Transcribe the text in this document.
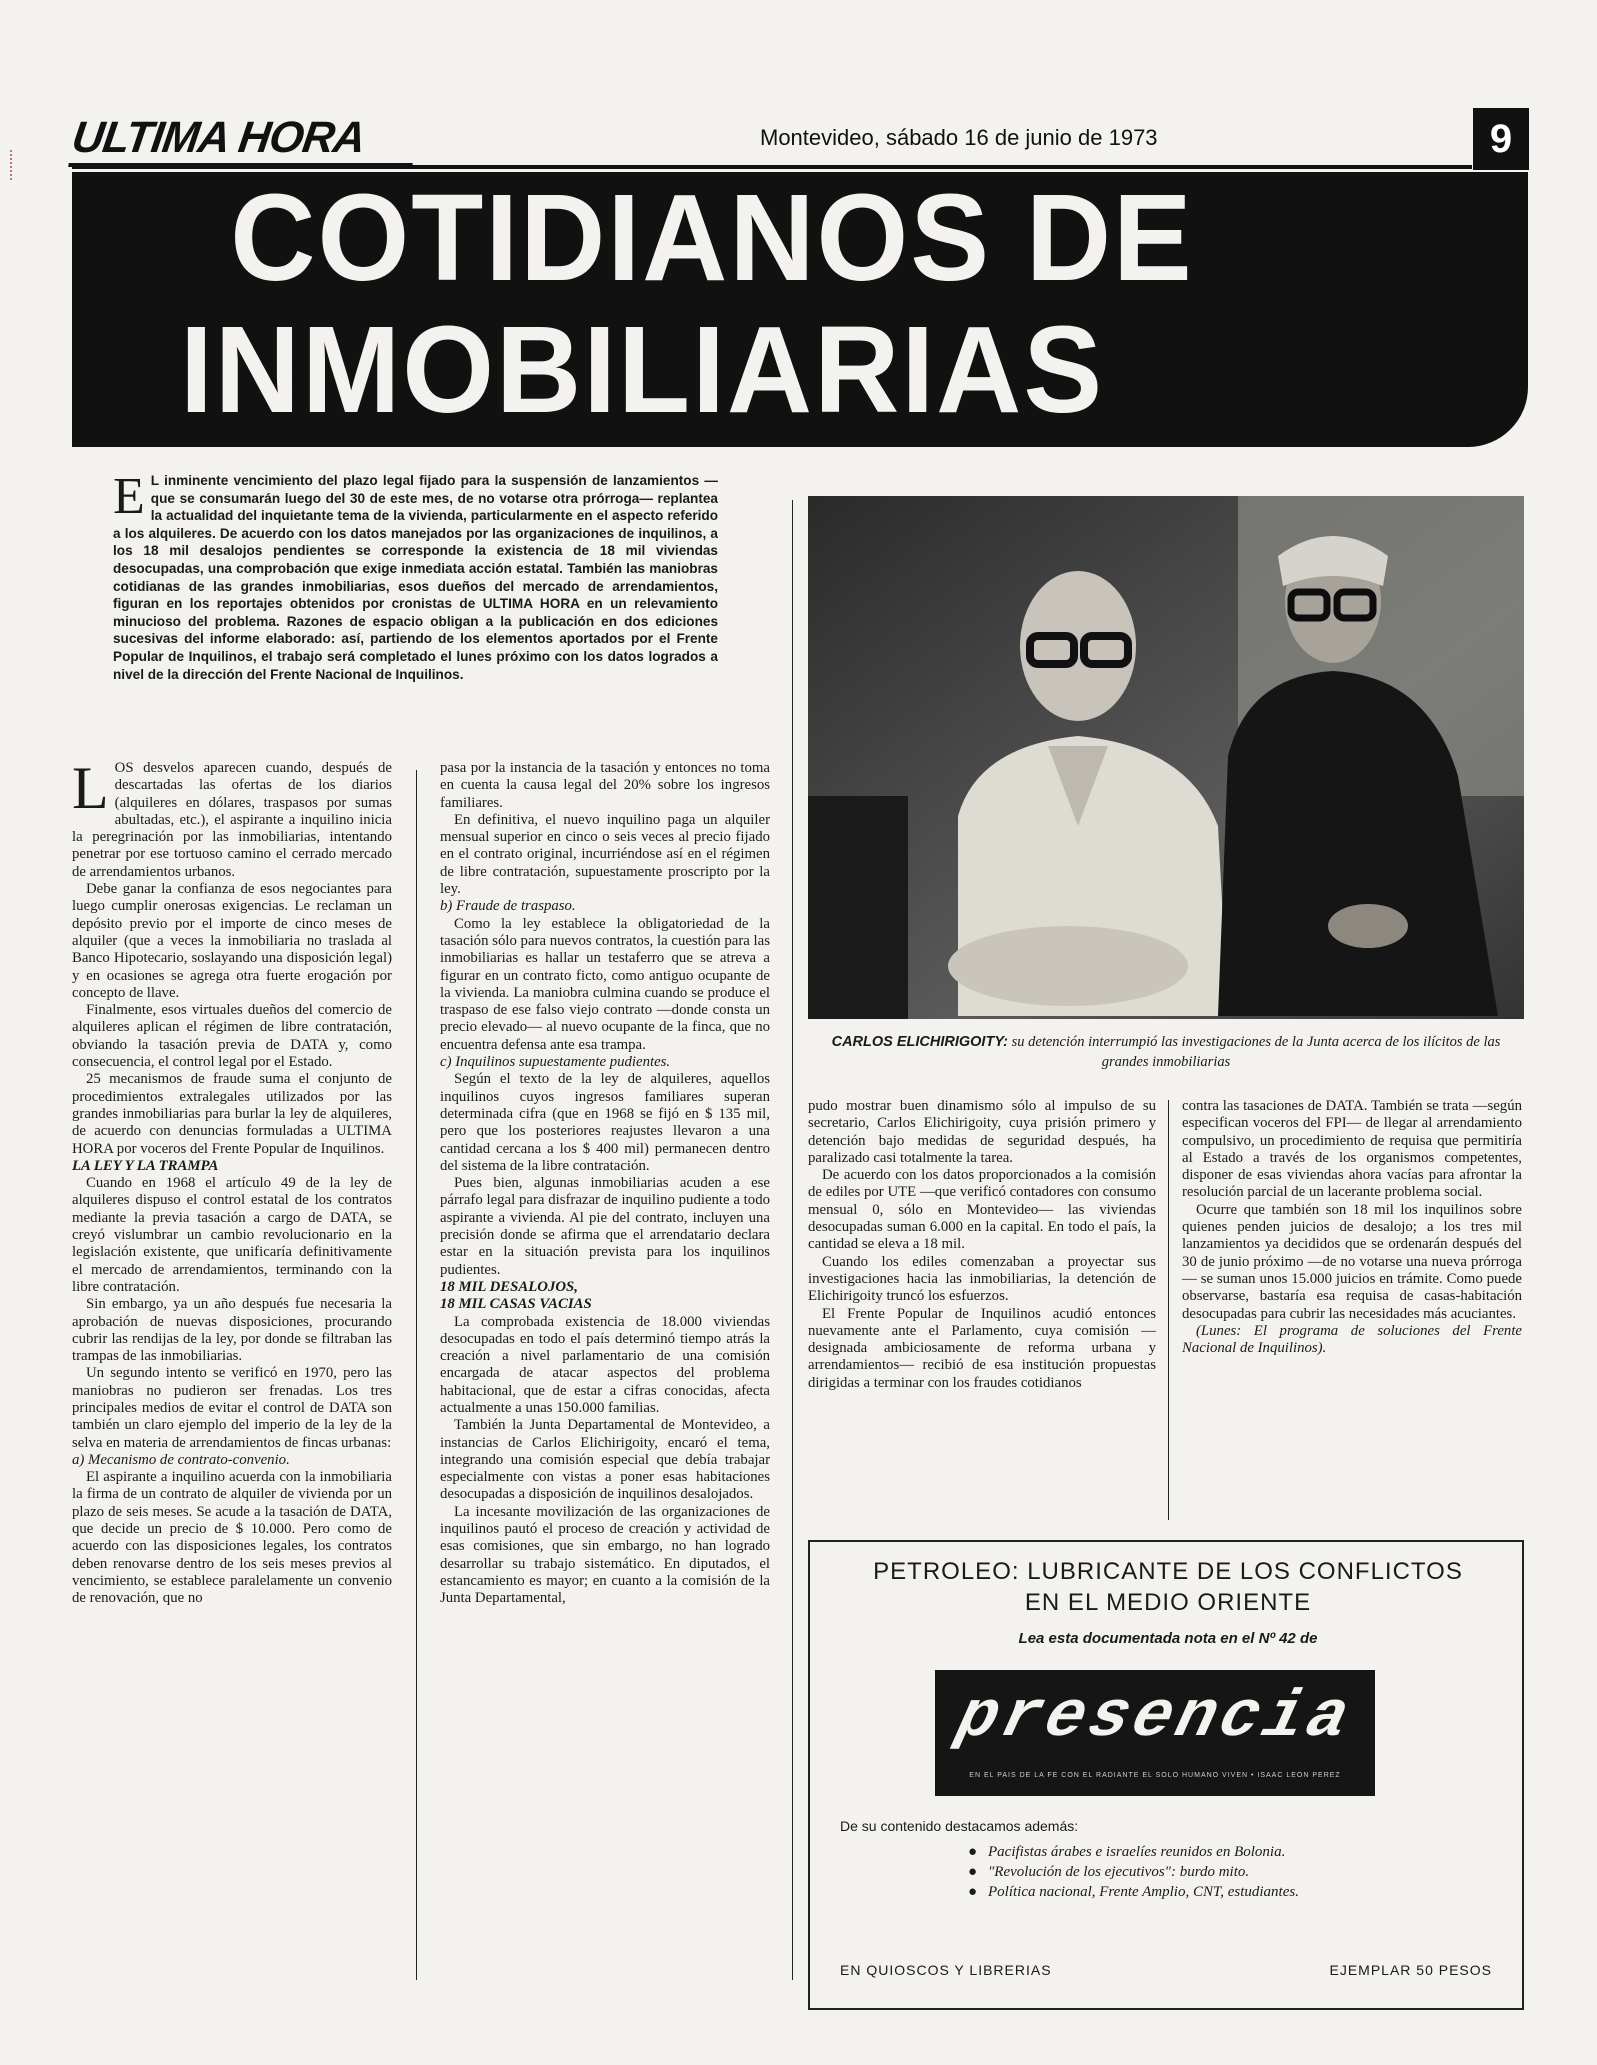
ULTIMA HORA	Montevideo, sábado 16 de junio de 1973	9
COTIDIANOS DE
INMOBILIARIAS
E L inminente vencimiento del plazo legal fijado para la suspensión de lanzamientos —que se consumarán luego del 30 de este mes, de no votarse otra prórroga— replantea la actualidad del inquietante tema de la vivienda, particularmente en el aspecto referido a los alquileres. De acuerdo con los datos manejados por las organizaciones de inquilinos, a los 18 mil desalojos pendientes se corresponde la existencia de 18 mil viviendas desocupadas, una comprobación que exige inmediata acción estatal. También las maniobras cotidianas de las grandes inmobiliarias, esos dueños del mercado de arrendamientos, figuran en los reportajes obtenidos por cronistas de ULTIMA HORA en un relevamiento minucioso del problema. Razones de espacio obligan a la publicación en dos ediciones sucesivas del informe elaborado: así, partiendo de los elementos aportados por el Frente Popular de Inquilinos, el trabajo será completado el lunes próximo con los datos logrados a nivel de la dirección del Frente Nacional de Inquilinos.
CARLOS ELICHIRIGOITY: su detención interrumpió las investigaciones de la Junta acerca de los ilícitos de las grandes inmobiliarias

LOS desvelos aparecen cuando, después de descartadas las ofertas de los diarios (alquileres en dólares, traspasos por sumas abultadas, etc.), el aspirante a inquilino inicia la peregrinación por las inmobiliarias, intentando penetrar por ese tortuoso camino el cerrado mercado de arrendamientos urbanos.

Debe ganar la confianza de esos negociantes para luego cumplir onerosas exigencias. Le reclaman un depósito previo por el importe de cinco meses de alquiler (que a veces la inmobiliaria no traslada al Banco Hipotecario, soslayando una disposición legal) y en ocasiones se agrega otra fuerte erogación por concepto de llave.

Finalmente, esos virtuales dueños del comercio de alquileres aplican el régimen de libre contratación, obviando la tasación previa de DATA y, como consecuencia, el control legal por el Estado.

25 mecanismos de fraude suma el conjunto de procedimientos extralegales utilizados por las grandes inmobiliarias para burlar la ley de alquileres, de acuerdo con denuncias formuladas a ULTIMA HORA por voceros del Frente Popular de Inquilinos.

LA LEY Y LA TRAMPA

Cuando en 1968 el artículo 49 de la ley de alquileres dispuso el control estatal de los contratos mediante la previa tasación a cargo de DATA, se creyó vislumbrar un cambio revolucionario en la legislación existente, que unificaría definitivamente el mercado de arrendamientos, terminando con la libre contratación.

Sin embargo, ya un año después fue necesaria la aprobación de nuevas disposiciones, procurando cubrir las rendijas de la ley, por donde se filtraban las trampas de las inmobiliarias.

Un segundo intento se verificó en 1970, pero las maniobras no pudieron ser frenadas. Los tres principales medios de evitar el control de DATA son también un claro ejemplo del imperio de la ley de la selva en materia de arrendamientos de fincas urbanas:

a) Mecanismo de contrato-convenio.

El aspirante a inquilino acuerda con la inmobiliaria la firma de un contrato de alquiler de vivienda por un plazo de seis meses. Se acude a la tasación de DATA, que decide un precio de $ 10.000. Pero como de acuerdo con las disposiciones legales, los contratos deben renovarse dentro de los seis meses previos al vencimiento, se establece paralelamente un convenio de renovación, que no

pasa por la instancia de la tasación y entonces no toma en cuenta la causa legal del 20% sobre los ingresos familiares.

En definitiva, el nuevo inquilino paga un alquiler mensual superior en cinco o seis veces al precio fijado en el contrato original, incurriéndose así en el régimen de libre contratación, supuestamente proscripto por la ley.

b) Fraude de traspaso.

Como la ley establece la obligatoriedad de la tasación sólo para nuevos contratos, la cuestión para las inmobiliarias es hallar un testaferro que se atreva a figurar en un contrato ficto, como antiguo ocupante de la vivienda. La maniobra culmina cuando se produce el traspaso de ese falso viejo contrato —donde consta un precio elevado— al nuevo ocupante de la finca, que no encuentra defensa ante esa trampa.

c) Inquilinos supuestamente pudientes.

Según el texto de la ley de alquileres, aquellos inquilinos cuyos ingresos familiares superan determinada cifra (que en 1968 se fijó en $ 135 mil, pero que los posteriores reajustes llevaron a una cantidad cercana a los $ 400 mil) permanecen dentro del sistema de la libre contratación.

Pues bien, algunas inmobiliarias acuden a ese párrafo legal para disfrazar de inquilino pudiente a todo aspirante a vivienda. Al pie del contrato, incluyen una precisión donde se afirma que el arrendatario declara estar en la situación prevista para los inquilinos pudientes.

18 MIL DESALOJOS,

18 MIL CASAS VACIAS

La comprobada existencia de 18.000 viviendas desocupadas en todo el país determinó tiempo atrás la creación a nivel parlamentario de una comisión encargada de atacar aspectos del problema habitacional, que de estar a cifras conocidas, afecta actualmente a unas 150.000 familias.

También la Junta Departamental de Montevideo, a instancias de Carlos Elichirigoity, encaró el tema, integrando una comisión especial que debía trabajar especialmente con vistas a poner esas habitaciones desocupadas a disposición de inquilinos desalojados.

La incesante movilización de las organizaciones de inquilinos pautó el proceso de creación y actividad de esas comisiones, que sin embargo, no han logrado desarrollar su trabajo sistemático. En diputados, el estancamiento es mayor; en cuanto a la comisión de la Junta Departamental,

pudo mostrar buen dinamismo sólo al impulso de su secretario, Carlos Elichirigoity, cuya prisión primero y detención bajo medidas de seguridad después, ha paralizado casi totalmente la tarea.

De acuerdo con los datos proporcionados a la comisión de ediles por UTE —que verificó contadores con consumo mensual 0, sólo en Montevideo— las viviendas desocupadas suman 6.000 en la capital. En todo el país, la cantidad se eleva a 18 mil.

Cuando los ediles comenzaban a proyectar sus investigaciones hacia las inmobiliarias, la detención de Elichirigoity truncó los esfuerzos.

El Frente Popular de Inquilinos acudió entonces nuevamente ante el Parlamento, cuya comisión —designada ambiciosamente de reforma urbana y arrendamientos— recibió de esa institución propuestas dirigidas a terminar con los fraudes cotidianos

contra las tasaciones de DATA. También se trata —según especifican voceros del FPI— de llegar al arrendamiento compulsivo, un procedimiento de requisa que permitiría al Estado a través de los organismos competentes, disponer de esas viviendas ahora vacías para afrontar la resolución parcial de un lacerante problema social.

Ocurre que también son 18 mil los inquilinos sobre quienes penden juicios de desalojo; a los tres mil lanzamientos ya decididos que se ordenarán después del 30 de junio próximo —de no votarse una nueva prórroga— se suman unos 15.000 juicios en trámite. Como puede observarse, bastaría esa requisa de casas-habitación desocupadas para cubrir las necesidades más acuciantes.

(Lunes: El programa de soluciones del Frente Nacional de Inquilinos).

PETROLEO: LUBRICANTE DE LOS CONFLICTOS
EN EL MEDIO ORIENTE
Lea esta documentada nota en el Nº 42 de
presencia
EN EL PAIS DE LA FE CON EL RADIANTE EL SOLO HUMANO VIVEN • ISAAC LEON PEREZ
De su contenido destacamos además:
● Pacifistas árabes e israelíes reunidos en Bolonia.
● "Revolución de los ejecutivos": burdo mito.
● Política nacional, Frente Amplio, CNT, estudiantes.
EN QUIOSCOS Y LIBRERIAS	EJEMPLAR 50 PESOS
